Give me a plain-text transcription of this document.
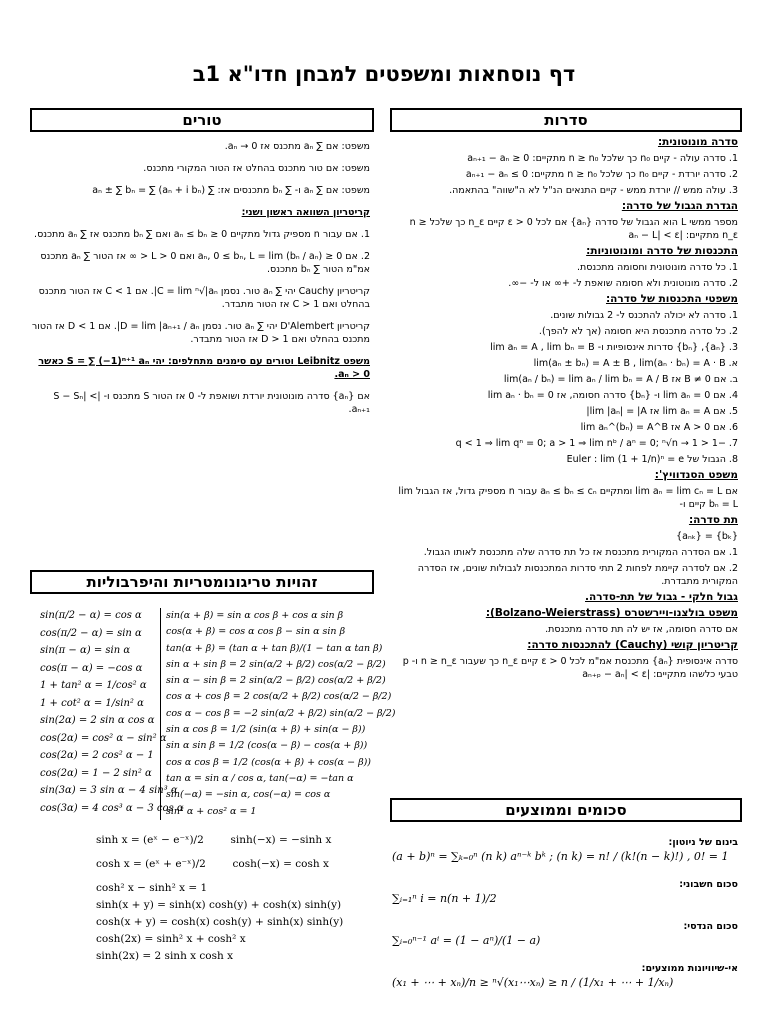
דף נוסחאות ומשפטים למבחן חדו"א 1ב
טורים	סדרות

משפט: אם ∑ aₙ מתכנס אז aₙ → 0.

משפט: אם טור מתכנס בהחלט אז הטור המקורי מתכנס.

משפט: אם ∑ aₙ ו- ∑ bₙ מתכנסים אז: ∑ aₙ ± ∑ bₙ = ∑ (aₙ + i bₙ)

קריטריון השוואה ראשון ושני:

1. אם עבור n מספיק גדול מתקיים 0 ≤ aₙ ≤ bₙ ואם ∑ bₙ מתכנס אז ∑ aₙ מתכנס.

2. אם 0 ≤ aₙ, 0 ≤ bₙ, L = lim (bₙ / aₙ) ואם 0 < L < ∞ אז הטור ∑ aₙ מתכנס אמ"מ הטור ∑ bₙ מתכנס.

קריטריון Cauchy יהי ∑ aₙ טור. נסמן C = lim ⁿ√|aₙ|. אם C < 1 אז הטור מתכנס בהחלט ואם C > 1 אז הטור מתבדר.

קריטריון D'Alembert יהי ∑ aₙ טור. נסמן D = lim |aₙ₊₁ / aₙ|. אם D < 1 אז הטור מתכנס בהחלט ואם D > 1 אז הטור מתבדר.

משפט Leibnitz וטורים עם סימנים מתחלפים: יהי S = ∑ (−1)ⁿ⁺¹ aₙ כאשר aₙ > 0.

אם {aₙ} סדרה מונוטונית יורדת ושואפת ל- 0 אז הטור S מתכנס ו- |S − Sₙ| < aₙ₊₁.

סדרה מונוטונית:

1. סדרה עולה - קיים n₀ כך שלכל n ≥ n₀ מתקיים: aₙ₊₁ − aₙ ≥ 0

2. סדרה יורדת - קיים n₀ כך שלכל n ≥ n₀ מתקיים: aₙ₊₁ − aₙ ≤ 0

3. עולה ממש // יורדת ממש - קיים התנאים הנ"ל לא ה"שווה" בהתאמה.

הגדרת הגבול של סדרה:

מספר ממשי L הוא הגבול של סדרה {aₙ} אם לכל ε > 0 קיים n_ε כך שלכל n ≥ n_ε מתקיים: |aₙ − L| < ε

התכנסות של סדרה ומונוטוניות:

1. כל סדרה מונוטונית וחסומה מתכנסת.

2. סדרה מונוטונית ולא חסומה שואפת ל- +∞ או ל- −∞.

משפטי התכנסות של סדרה:

1. סדרה לא יכולה להתכנס ל- 2 גבולות שונים.

2. כל סדרה מתכנסת היא חסומה (אך לא להפך).

3. {aₙ}, {bₙ} סדרות אינסופיות ו- lim aₙ = A , lim bₙ = B

א. lim(aₙ ± bₙ) = A ± B , lim(aₙ · bₙ) = A · B

ב. אם B ≠ 0 אז lim(aₙ / bₙ) = lim aₙ / lim bₙ = A / B

4. אם lim aₙ = 0 ו- {bₙ} סדרה חסומה, אז lim aₙ · bₙ = 0

5. אם lim aₙ = A אז lim |aₙ| = |A|

6. אם A > 0 אז lim aₙ^(bₙ) = A^B

7. −1 < q < 1 ⇒ lim qⁿ = 0; a > 1 ⇒ lim nᵇ / aⁿ = 0; ⁿ√n → 1

8. הגבול של Euler : lim (1 + 1/n)ⁿ = e

משפט הסנדוויץ':

אם lim aₙ = lim cₙ = L ומתקיים aₙ ≤ bₙ ≤ cₙ עבור n מספיק גדול, אז הגבול lim bₙ = L קיים ו-

תת סדרה:

{bₖ} = {aₙₖ}

1. אם הסדרה המקורית מתכנסת אז כל תת סדרה שלה מתכנסת לאותו הגבול.

2. אם לסדרה קיימת לפחות 2 תתי סדרות המתכנסות לגבולות שונים, אז הסדרה המקורית מתבדרת.

גבול חלקי - גבול של תת-סדרה.

משפט בולצנו-ויירשטרס (Bolzano-Weierstrass):

אם סדרה חסומה, אז יש לה תת סדרה מתכנסת.

קריטריון קושי (Cauchy) להתכנסות סדרה:

סדרה אינסופית {aₙ} מתכנסת אמ"מ לכל ε > 0 קיים n_ε כך שעבור n ≥ n_ε ו- p טבעי כלשהו מתקיים: |aₙ₊ₚ − aₙ| < ε

זהויות טריגונומטריות והיפרבוליות
sin(π/2 − α) = cos α
cos(π/2 − α) = sin α
sin(π − α) = sin α
cos(π − α) = −cos α
1 + tan² α = 1/cos² α
1 + cot² α = 1/sin² α
sin(2α) = 2 sin α cos α
cos(2α) = cos² α − sin² α
cos(2α) = 2 cos² α − 1
cos(2α) = 1 − 2 sin² α
sin(3α) = 3 sin α − 4 sin³ α
cos(3α) = 4 cos³ α − 3 cos α
sin(α + β) = sin α cos β + cos α sin β
cos(α + β) = cos α cos β − sin α sin β
tan(α + β) = (tan α + tan β)/(1 − tan α tan β)
sin α + sin β = 2 sin(α/2 + β/2) cos(α/2 − β/2)
sin α − sin β = 2 sin(α/2 − β/2) cos(α/2 + β/2)
cos α + cos β = 2 cos(α/2 + β/2) cos(α/2 − β/2)
cos α − cos β = −2 sin(α/2 + β/2) sin(α/2 − β/2)
sin α cos β = 1/2 (sin(α + β) + sin(α − β))
sin α sin β = 1/2 (cos(α − β) − cos(α + β))
cos α cos β = 1/2 (cos(α + β) + cos(α − β))
tan α = sin α / cos α, tan(−α) = −tan α
sin(−α) = −sin α, cos(−α) = cos α
sin² α + cos² α = 1
sinh x = (eˣ − e⁻ˣ)/2        sinh(−x) = −sinh x
cosh x = (eˣ + e⁻ˣ)/2        cosh(−x) = cosh x
cosh² x − sinh² x = 1
sinh(x + y) = sinh(x) cosh(y) + cosh(x) sinh(y)
cosh(x + y) = cosh(x) cosh(y) + sinh(x) sinh(y)
cosh(2x) = sinh² x + cosh² x
sinh(2x) = 2 sinh x cosh x
סכומים וממוצעים
בינום של ניוטון:
(a + b)ⁿ = ∑ₖ₌₀ⁿ (n k) aⁿ⁻ᵏ bᵏ ; (n k) = n! / (k!(n − k)!) , 0! = 1
סכום חשבוני:
∑ᵢ₌₁ⁿ i = n(n + 1)/2
סכום הנדסי:
∑ᵢ₌₀ⁿ⁻¹ aⁱ = (1 − aⁿ)/(1 − a)
אי-שיוויונות ממוצעים:
(x₁ + ⋯ + xₙ)/n ≥ ⁿ√(x₁⋯xₙ) ≥ n / (1/x₁ + ⋯ + 1/xₙ)
